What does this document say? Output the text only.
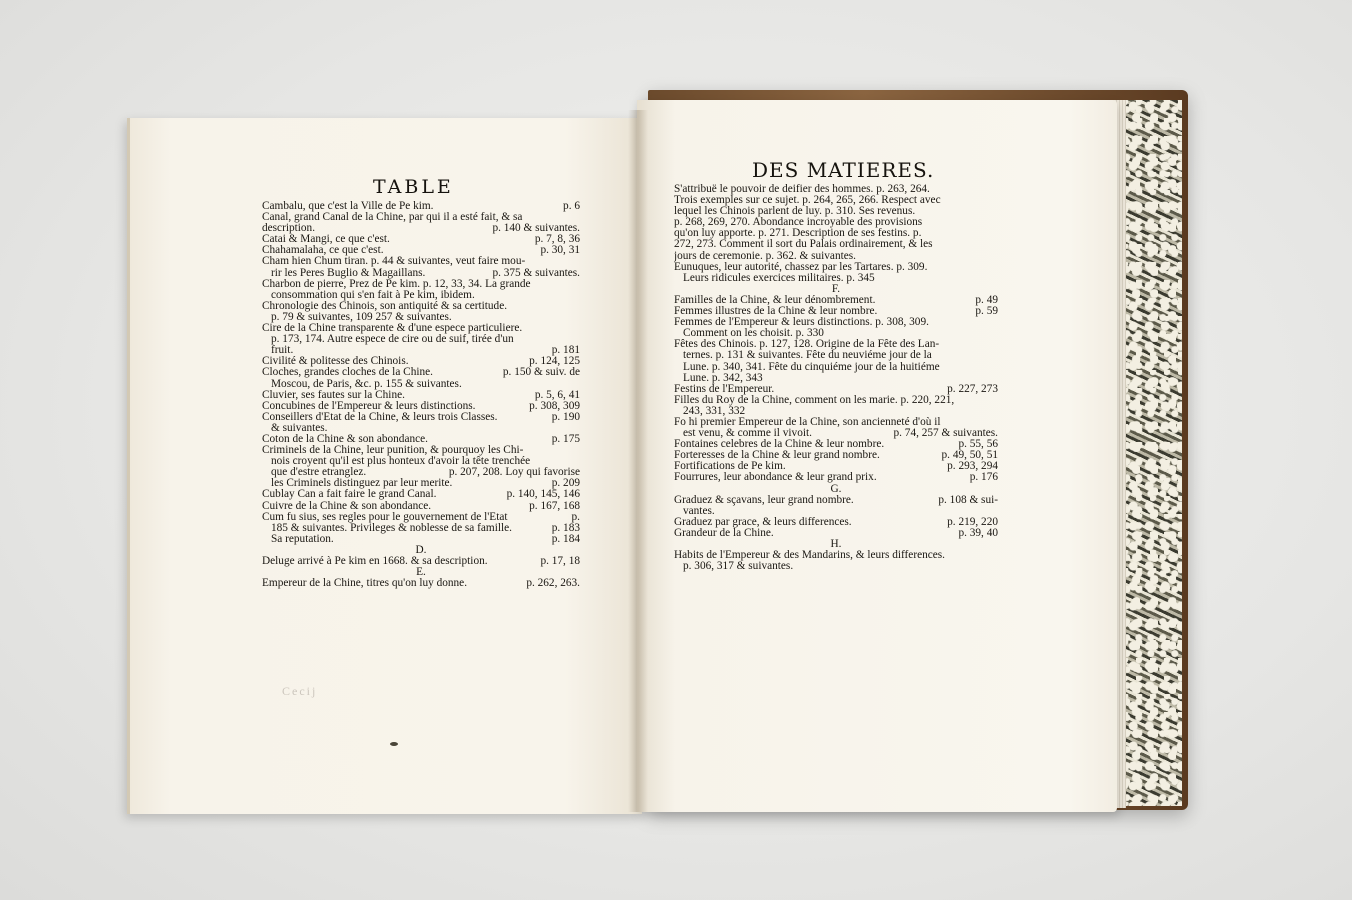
TABLE
DES MATIERES.
Cambalu, que c'est la Ville de Pe kim.	p. 6
Canal, grand Canal de la Chine, par qui il a esté fait, & sa
description.	p. 140 & suivantes.
Catai & Mangi, ce que c'est.	p. 7, 8, 36
Chahamalaha, ce que c'est.	p. 30, 31
Cham hien Chum tiran. p. 44 & suivantes, veut faire mou-
rir les Peres Buglio & Magaillans.	p. 375 & suivantes.
Charbon de pierre, Prez de Pe kim. p. 12, 33, 34. La grande
consommation qui s'en fait à Pe kim, ibidem.
Chronologie des Chinois, son antiquité & sa certitude.
p. 79 & suivantes, 109 257 & suivantes.
Cire de la Chine transparente & d'une espece particuliere.
p. 173, 174. Autre espece de cire ou de suif, tirée d'un
fruit.	p. 181
Civilité & politesse des Chinois.	p. 124, 125
Cloches, grandes cloches de la Chine.	p. 150 & suiv. de
Moscou, de Paris, &c. p. 155 & suivantes.
Cluvier, ses fautes sur la Chine.	p. 5, 6, 41
Concubines de l'Empereur & leurs distinctions.	p. 308, 309
Conseillers d'Etat de la Chine, & leurs trois Classes.	p. 190
& suivantes.
Coton de la Chine & son abondance.	p. 175
Criminels de la Chine, leur punition, & pourquoy les Chi-
nois croyent qu'il est plus honteux d'avoir la tête trenchée
que d'estre etranglez.	p. 207, 208. Loy qui favorise
les Criminels distinguez par leur merite.	p. 209
Cublay Can a fait faire le grand Canal.	p. 140, 145, 146
Cuivre de la Chine & son abondance.	p. 167, 168
Cum fu sius, ses regles pour le gouvernement de l'Etat	p.
185 & suivantes. Privileges & noblesse de sa famille.	p. 183
Sa reputation.	p. 184
D.
Deluge arrivé à Pe kim en 1668. & sa description.	p. 17, 18
E.
Empereur de la Chine, titres qu'on luy donne.	p. 262, 263.
S'attribuë le pouvoir de deifier des hommes. p. 263, 264.
Trois exemples sur ce sujet. p. 264, 265, 266. Respect avec
lequel les Chinois parlent de luy. p. 310. Ses revenus.
p. 268, 269, 270. Abondance incroyable des provisions
qu'on luy apporte. p. 271. Description de ses festins. p.
272, 273. Comment il sort du Palais ordinairement, & les
jours de ceremonie. p. 362. & suivantes.
Eunuques, leur autorité, chassez par les Tartares. p. 309.
Leurs ridicules exercices militaires. p. 345
F.
Familles de la Chine, & leur dénombrement.	p. 49
Femmes illustres de la Chine & leur nombre.	p. 59
Femmes de l'Empereur & leurs distinctions. p. 308, 309.
Comment on les choisit. p. 330
Fêtes des Chinois. p. 127, 128. Origine de la Fête des Lan-
ternes. p. 131 & suivantes. Fête du neuviéme jour de la
Lune. p. 340, 341. Fête du cinquiéme jour de la huitiéme
Lune. p. 342, 343
Festins de l'Empereur.	p. 227, 273
Filles du Roy de la Chine, comment on les marie. p. 220, 221,
243, 331, 332
Fo hi premier Empereur de la Chine, son ancienneté d'où il
est venu, & comme il vivoit.	p. 74, 257 & suivantes.
Fontaines celebres de la Chine & leur nombre.	p. 55, 56
Forteresses de la Chine & leur grand nombre.	p. 49, 50, 51
Fortifications de Pe kim.	p. 293, 294
Fourrures, leur abondance & leur grand prix.	p. 176
G.
Graduez & sçavans, leur grand nombre.	p. 108 & sui-
vantes.
Graduez par grace, & leurs differences.	p. 219, 220
Grandeur de la Chine.	p. 39, 40
H.
Habits de l'Empereur & des Mandarins, & leurs differences.
p. 306, 317 & suivantes.
Cecij
